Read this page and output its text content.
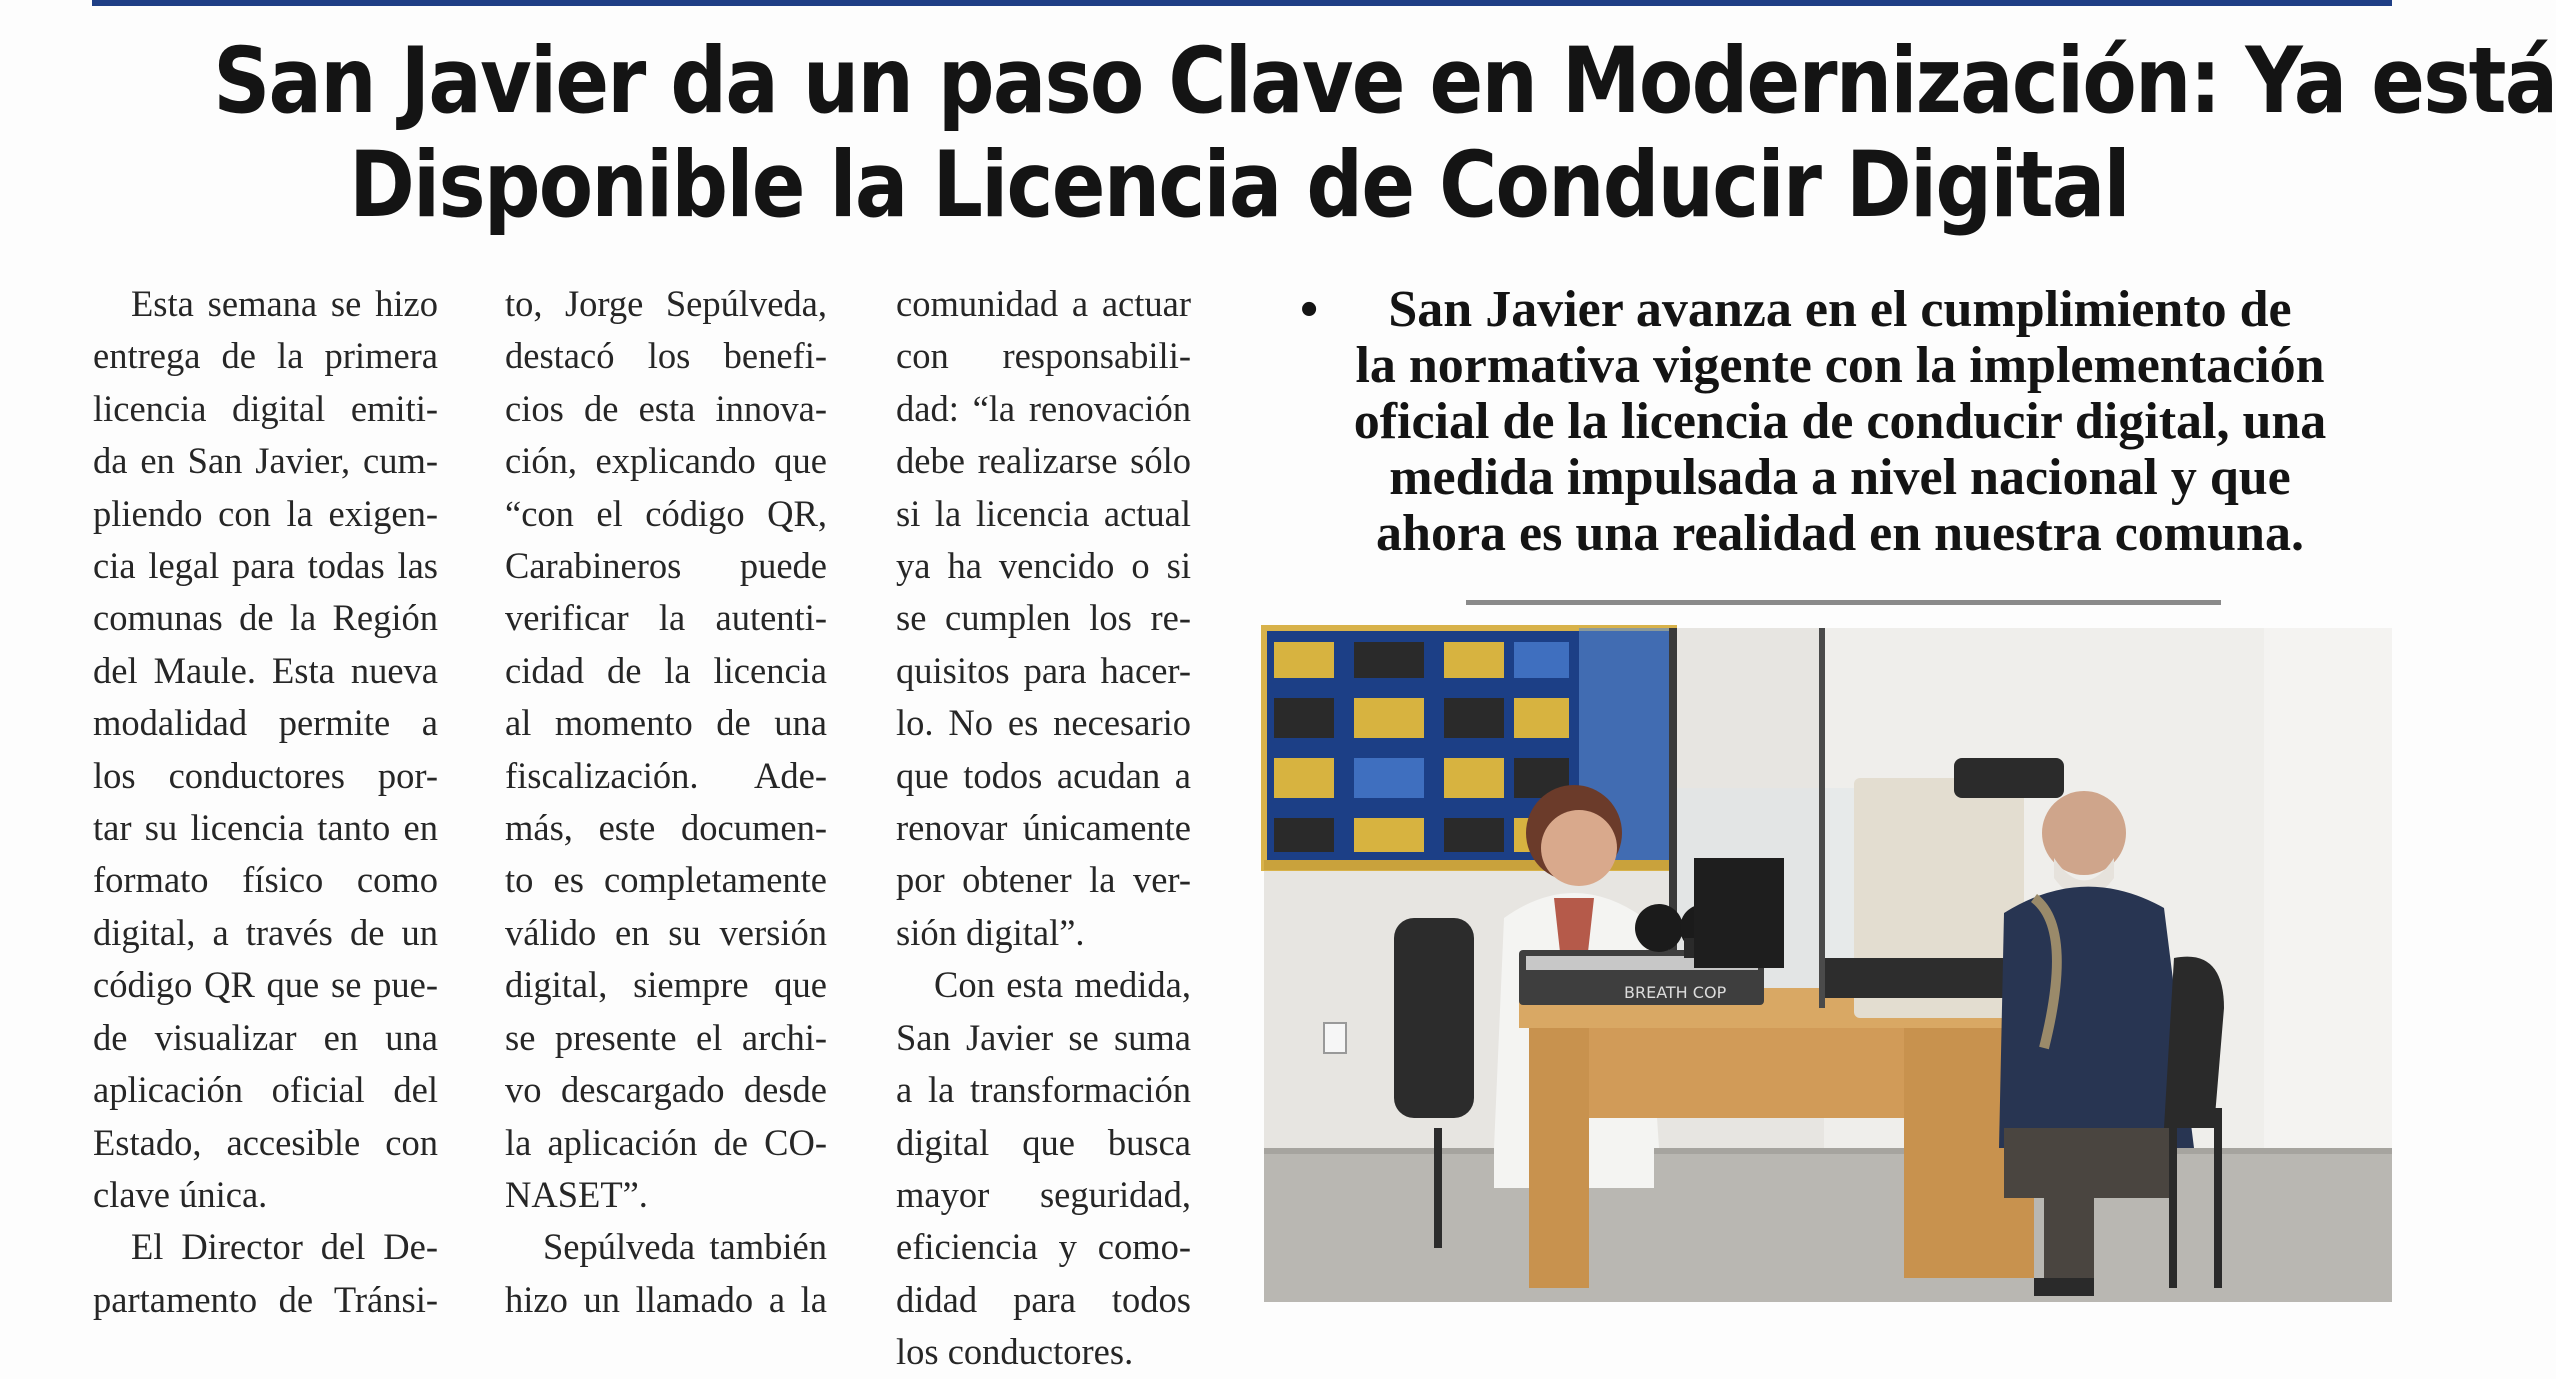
San Javier da un paso Clave en Modernización: Ya está
Disponible la Licencia de Conducir Digital

Esta semana se hizo

entrega de la primera

licencia digital emiti-

da en San Javier, cum-

pliendo con la exigen-

cia legal para todas las

comunas de la Región

del Maule. Esta nueva

modalidad permite a

los conductores por-

tar su licencia tanto en

formato físico como

digital, a través de un

código QR que se pue-

de visualizar en una

aplicación oficial del

Estado, accesible con

clave única.

El Director del De-

partamento de Tránsi-

to, Jorge Sepúlveda,

destacó los benefi-

cios de esta innova-

ción, explicando que

“con el código QR,

Carabineros puede

verificar la autenti-

cidad de la licencia

al momento de una

fiscalización. Ade-

más, este documen-

to es completamente

válido en su versión

digital, siempre que

se presente el archi-

vo descargado desde

la aplicación de CO-

NASET”.

Sepúlveda también

hizo un llamado a la

comunidad a actuar

con responsabili-

dad: “la renovación

debe realizarse sólo

si la licencia actual

ya ha vencido o si

se cumplen los re-

quisitos para hacer-

lo. No es necesario

que todos acudan a

renovar únicamente

por obtener la ver-

sión digital”.

Con esta medida,

San Javier se suma

a la transformación

digital que busca

mayor seguridad,

eficiencia y como-

didad para todos

los conductores.

•	San Javier avanza en el cumplimiento de

la normativa vigente con la implementación

oficial de la licencia de conducir digital, una

medida impulsada a nivel nacional y que

ahora es una realidad en nuestra comuna.

BREATH COP
